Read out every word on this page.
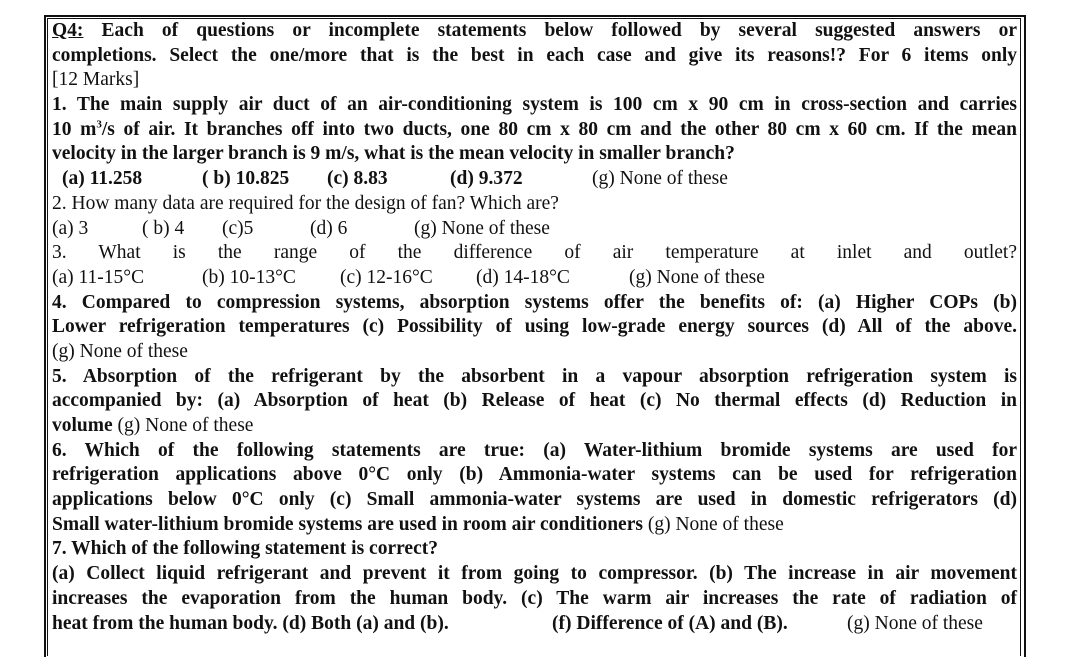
Q4: Each of questions or incomplete statements below followed by several suggested answers or
completions. Select the one/more that is the best in each case and give its reasons!? For 6 items only
[12 Marks]
1. The main supply air duct of an air-conditioning system is 100 cm x 90 cm in cross-section and carries
10 $m^3/s$ of air. It branches off into two ducts, one 80 cm x 80 cm and the other 80 cm x 60 cm. If the mean
velocity in the larger branch is 9 m/s, what is the mean velocity in smaller branch?
(a) 11.258	( b) 10.825 (c) 8.83	(d) 9.372	(g) None of these
2. How many data are required for the design of fan? Which are?
(a) 3	( b) 4 (c)5	(d) 6	(g) None of these
3. What is the range of the difference of air temperature at inlet and outlet?
(a) 11-15°C	(b) 10-13°C (c) 12-16°C (d) 14-18°C	(g) None of these
4. Compared to compression systems, absorption systems offer the benefits of: (a) Higher COPs (b)
Lower refrigeration temperatures (c) Possibility of using low-grade energy sources (d) All of the above.
(g) None of these
5. Absorption of the refrigerant by the absorbent in a vapour absorption refrigeration system is
accompanied by: (a) Absorption of heat (b) Release of heat (c) No thermal effects (d) Reduction in
volume (g) None of these
6. Which of the following statements are true: (a) Water-lithium bromide systems are used for
refrigeration applications above 0°C only (b) Ammonia-water systems can be used for refrigeration
applications below 0°C only (c) Small ammonia-water systems are used in domestic refrigerators (d)
Small water-lithium bromide systems are used in room air conditioners (g) None of these
7. Which of the following statement is correct?
(a) Collect liquid refrigerant and prevent it from going to compressor. (b) The increase in air movement
increases the evaporation from the human body. (c) The warm air increases the rate of radiation of
heat from the human body. (d) Both (a) and (b).	(f) Difference of (A) and (B).	(g) None of these
